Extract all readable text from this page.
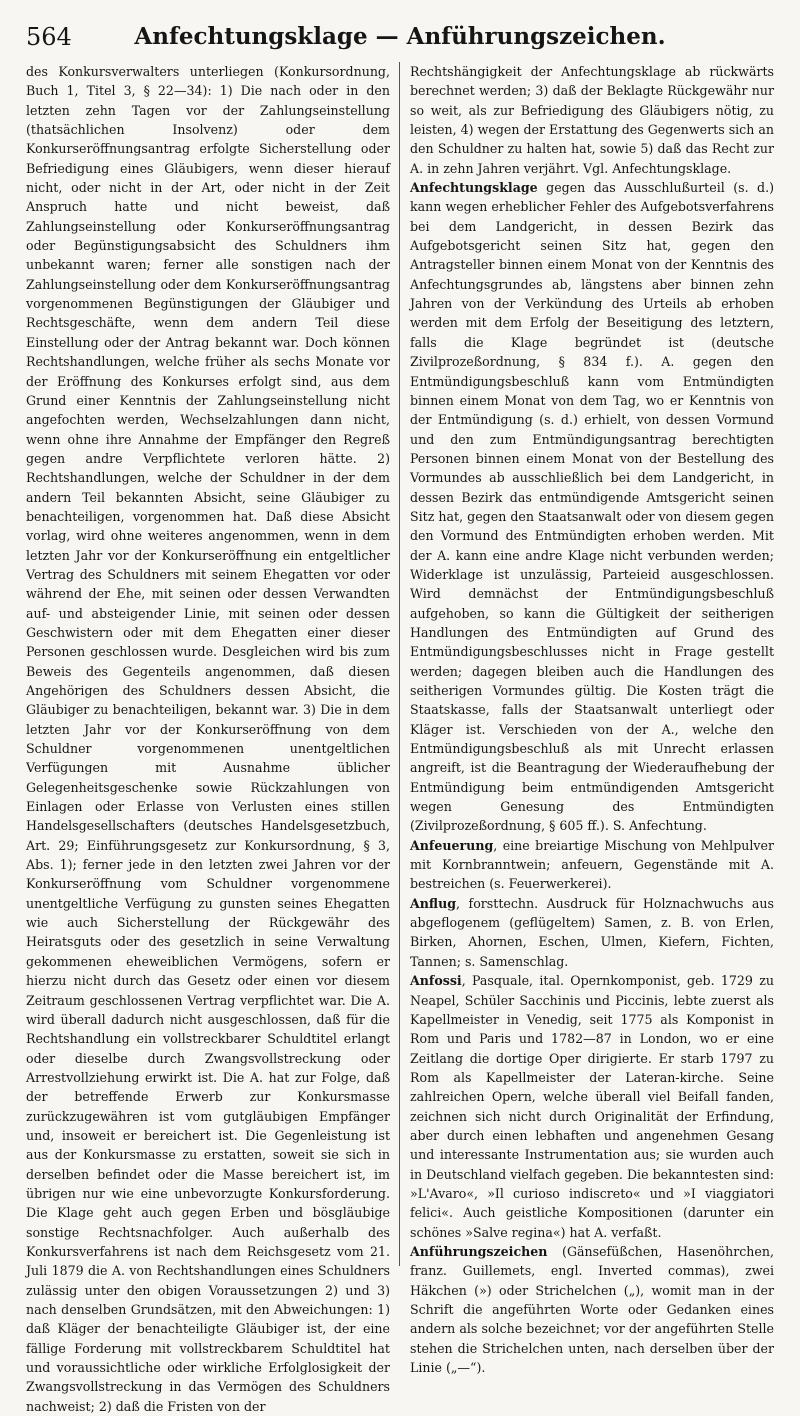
564	Anfechtungsklage — Anführungszeichen.

des Konkursverwalters unterliegen (Konkursordnung, Buch 1, Titel 3, § 22—34): 1) Die nach oder in den letzten zehn Tagen vor der Zahlungseinstellung (thatsächlichen Insolvenz) oder dem Konkurseröffnungsantrag erfolgte Sicherstellung oder Befriedigung eines Gläubigers, wenn dieser hierauf nicht, oder nicht in der Art, oder nicht in der Zeit Anspruch hatte und nicht beweist, daß Zahlungseinstellung oder Konkurseröffnungsantrag oder Begünstigungsabsicht des Schuldners ihm unbekannt waren; ferner alle sonstigen nach der Zahlungseinstellung oder dem Konkurseröffnungsantrag vorgenommenen Begünstigungen der Gläubiger und Rechtsgeschäfte, wenn dem andern Teil diese Einstellung oder der Antrag bekannt war. Doch können Rechtshandlungen, welche früher als sechs Monate vor der Eröffnung des Konkurses erfolgt sind, aus dem Grund einer Kenntnis der Zahlungseinstellung nicht angefochten werden, Wechselzahlungen dann nicht, wenn ohne ihre Annahme der Empfänger den Regreß gegen andre Verpflichtete verloren hätte. 2) Rechtshandlungen, welche der Schuldner in der dem andern Teil bekannten Absicht, seine Gläubiger zu benachteiligen, vorgenommen hat. Daß diese Absicht vorlag, wird ohne weiteres angenommen, wenn in dem letzten Jahr vor der Konkurseröffnung ein entgeltlicher Vertrag des Schuldners mit seinem Ehegatten vor oder während der Ehe, mit seinen oder dessen Verwandten auf- und absteigender Linie, mit seinen oder dessen Geschwistern oder mit dem Ehegatten einer dieser Personen geschlossen wurde. Desgleichen wird bis zum Beweis des Gegenteils angenommen, daß diesen Angehörigen des Schuldners dessen Absicht, die Gläubiger zu benachteiligen, bekannt war. 3) Die in dem letzten Jahr vor der Konkurseröffnung von dem Schuldner vorgenommenen unentgeltlichen Verfügungen mit Ausnahme üblicher Gelegenheitsgeschenke sowie Rückzahlungen von Einlagen oder Erlasse von Verlusten eines stillen Handelsgesellschafters (deutsches Handelsgesetzbuch, Art. 29; Einführungsgesetz zur Konkursordnung, § 3, Abs. 1); ferner jede in den letzten zwei Jahren vor der Konkurseröffnung vom Schuldner vorgenommene unentgeltliche Verfügung zu gunsten seines Ehegatten wie auch Sicherstellung der Rückgewähr des Heiratsguts oder des gesetzlich in seine Verwaltung gekommenen eheweiblichen Vermögens, sofern er hierzu nicht durch das Gesetz oder einen vor diesem Zeitraum geschlossenen Vertrag verpflichtet war. Die A. wird überall dadurch nicht ausgeschlossen, daß für die Rechtshandlung ein vollstreckbarer Schuldtitel erlangt oder dieselbe durch Zwangsvollstreckung oder Arrestvollziehung erwirkt ist. Die A. hat zur Folge, daß der betreffende Erwerb zur Konkursmasse zurückzugewähren ist vom gutgläubigen Empfänger und, insoweit er bereichert ist. Die Gegenleistung ist aus der Konkursmasse zu erstatten, soweit sie sich in derselben befindet oder die Masse bereichert ist, im übrigen nur wie eine unbevorzugte Konkursforderung. Die Klage geht auch gegen Erben und bösgläubige sonstige Rechtsnachfolger. Auch außerhalb des Konkursverfahrens ist nach dem Reichsgesetz vom 21. Juli 1879 die A. von Rechtshandlungen eines Schuldners zulässig unter den obigen Voraussetzungen 2) und 3) nach denselben Grundsätzen, mit den Abweichungen: 1) daß Kläger der benachteiligte Gläubiger ist, der eine fällige Forderung mit vollstreckbarem Schuldtitel hat und voraussichtliche oder wirkliche Erfolglosigkeit der Zwangsvollstreckung in das Vermögen des Schuldners nachweist; 2) daß die Fristen von der

Rechtshängigkeit der Anfechtungsklage ab rückwärts berechnet werden; 3) daß der Beklagte Rückgewähr nur so weit, als zur Befriedigung des Gläubigers nötig, zu leisten, 4) wegen der Erstattung des Gegenwerts sich an den Schuldner zu halten hat, sowie 5) daß das Recht zur A. in zehn Jahren verjährt. Vgl. Anfechtungsklage.

Anfechtungsklage gegen das Ausschlußurteil (s. d.) kann wegen erheblicher Fehler des Aufgebotsverfahrens bei dem Landgericht, in dessen Bezirk das Aufgebotsgericht seinen Sitz hat, gegen den Antragsteller binnen einem Monat von der Kenntnis des Anfechtungsgrundes ab, längstens aber binnen zehn Jahren von der Verkündung des Urteils ab erhoben werden mit dem Erfolg der Beseitigung des letztern, falls die Klage begründet ist (deutsche Zivilprozeßordnung, § 834 f.). A. gegen den Entmündigungsbeschluß kann vom Entmündigten binnen einem Monat von dem Tag, wo er Kenntnis von der Entmündigung (s. d.) erhielt, von dessen Vormund und den zum Entmündigungsantrag berechtigten Personen binnen einem Monat von der Bestellung des Vormundes ab ausschließlich bei dem Landgericht, in dessen Bezirk das entmündigende Amtsgericht seinen Sitz hat, gegen den Staatsanwalt oder von diesem gegen den Vormund des Entmündigten erhoben werden. Mit der A. kann eine andre Klage nicht verbunden werden; Widerklage ist unzulässig, Parteieid ausgeschlossen. Wird demnächst der Entmündigungsbeschluß aufgehoben, so kann die Gültigkeit der seitherigen Handlungen des Entmündigten auf Grund des Entmündigungsbeschlusses nicht in Frage gestellt werden; dagegen bleiben auch die Handlungen des seitherigen Vormundes gültig. Die Kosten trägt die Staatskasse, falls der Staatsanwalt unterliegt oder Kläger ist. Verschieden von der A., welche den Entmündigungsbeschluß als mit Unrecht erlassen angreift, ist die Beantragung der Wiederaufhebung der Entmündigung beim entmündigenden Amtsgericht wegen Genesung des Entmündigten (Zivilprozeßordnung, § 605 ff.). S. Anfechtung.

Anfeuerung, eine breiartige Mischung von Mehlpulver mit Kornbranntwein; anfeuern, Gegenstände mit A. bestreichen (s. Feuerwerkerei).

Anflug, forsttechn. Ausdruck für Holznachwuchs aus abgeflogenem (geflügeltem) Samen, z. B. von Erlen, Birken, Ahornen, Eschen, Ulmen, Kiefern, Fichten, Tannen; s. Samenschlag.

Anfossi, Pasquale, ital. Opernkomponist, geb. 1729 zu Neapel, Schüler Sacchinis und Piccinis, lebte zuerst als Kapellmeister in Venedig, seit 1775 als Komponist in Rom und Paris und 1782—87 in London, wo er eine Zeitlang die dortige Oper dirigierte. Er starb 1797 zu Rom als Kapellmeister der Lateran-kirche. Seine zahlreichen Opern, welche überall viel Beifall fanden, zeichnen sich nicht durch Originalität der Erfindung, aber durch einen lebhaften und angenehmen Gesang und interessante Instrumentation aus; sie wurden auch in Deutschland vielfach gegeben. Die bekanntesten sind: »L'Avaro«, »Il curioso indiscreto« und »I viaggiatori felici«. Auch geistliche Kompositionen (darunter ein schönes »Salve regina«) hat A. verfaßt.

Anführungszeichen (Gänsefüßchen, Hasenöhrchen, franz. Guillemets, engl. Inverted commas), zwei Häkchen (») oder Strichelchen („), womit man in der Schrift die angeführten Worte oder Gedanken eines andern als solche bezeichnet; vor der angeführten Stelle stehen die Strichelchen unten, nach derselben über der Linie („—“).
